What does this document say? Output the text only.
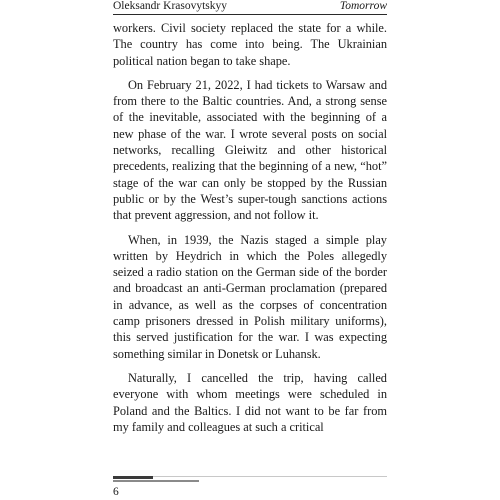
Oleksandr Krasovytskyy	Tomorrow

workers. Civil society replaced the state for a while. The country has come into being. The Ukrainian political nation began to take shape.

On February 21, 2022, I had tickets to Warsaw and from there to the Baltic countries. And, a strong sense of the inevitable, associated with the beginning of a new phase of the war. I wrote several posts on social networks, recalling Gleiwitz and other historical precedents, realizing that the beginning of a new, “hot” stage of the war can only be stopped by the Russian public or by the West’s super-tough sanctions actions that prevent aggression, and not follow it.

When, in 1939, the Nazis staged a simple play written by Heydrich in which the Poles allegedly seized a radio station on the German side of the border and broadcast an anti-German proclamation (prepared in advance, as well as the corpses of concentration camp prisoners dressed in Polish military uniforms), this served justification for the war. I was expecting something similar in Donetsk or Luhansk.

Naturally, I cancelled the trip, having called everyone with whom meetings were scheduled in Poland and the Baltics. I did not want to be far from my family and colleagues at such a critical

6
